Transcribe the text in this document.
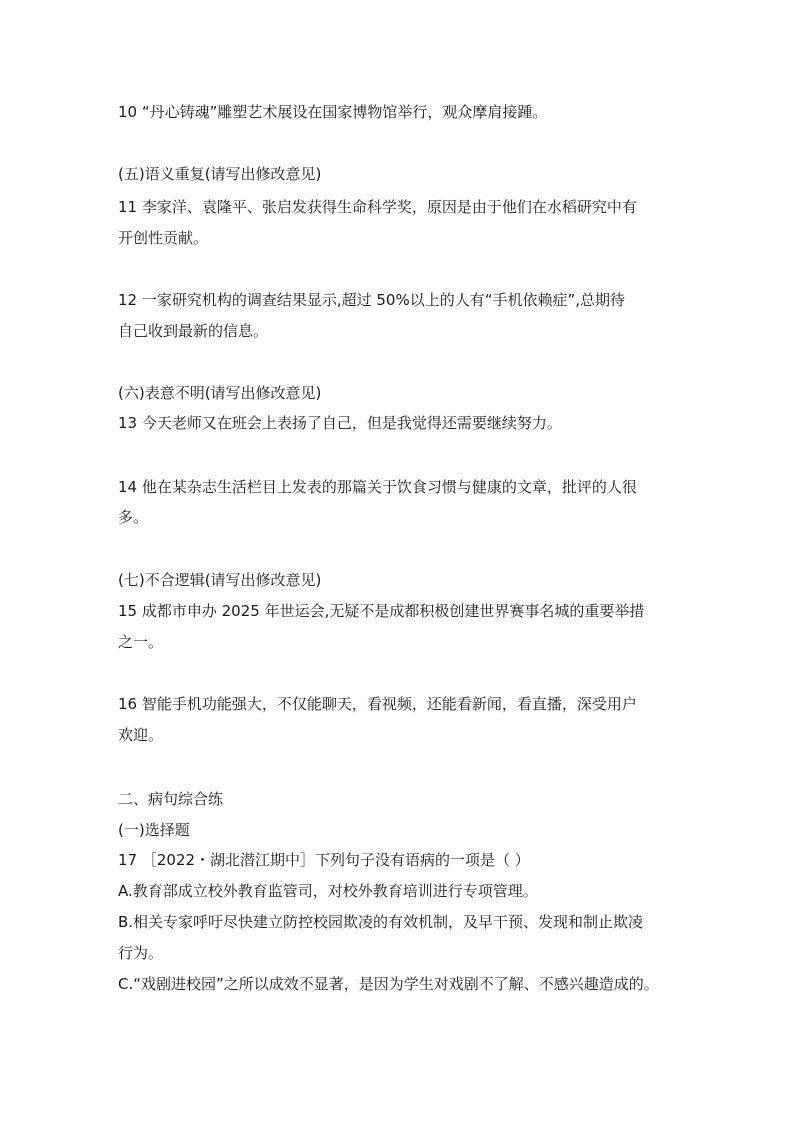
10 “丹心铸魂”雕塑艺术展设在国家博物馆举行，观众摩肩接踵。
(五)语义重复(请写出修改意见)
11 李家洋、袁隆平、张启发获得生命科学奖，原因是由于他们在水稻研究中有
开创性贡献。
12 一家研究机构的调查结果显示,超过 50%以上的人有“手机依赖症”,总期待
自己收到最新的信息。
(六)表意不明(请写出修改意见)
13 今天老师又在班会上表扬了自己，但是我觉得还需要继续努力。
14 他在某杂志生活栏目上发表的那篇关于饮食习惯与健康的文章，批评的人很
多。
(七)不合逻辑(请写出修改意见)
15 成都市申办 2025 年世运会,无疑不是成都积极创建世界赛事名城的重要举措
之一。
16 智能手机功能强大，不仅能聊天，看视频，还能看新闻，看直播，深受用户
欢迎。
二、病句综合练
(一)选择题
17 ［2022・湖北潜江期中］下列句子没有语病的一项是（ ）
A.教育部成立校外教育监管司，对校外教育培训进行专项管理。
B.相关专家呼吁尽快建立防控校园欺凌的有效机制，及早干预、发现和制止欺凌
行为。
C.“戏剧进校园”之所以成效不显著，是因为学生对戏剧不了解、不感兴趣造成的。
